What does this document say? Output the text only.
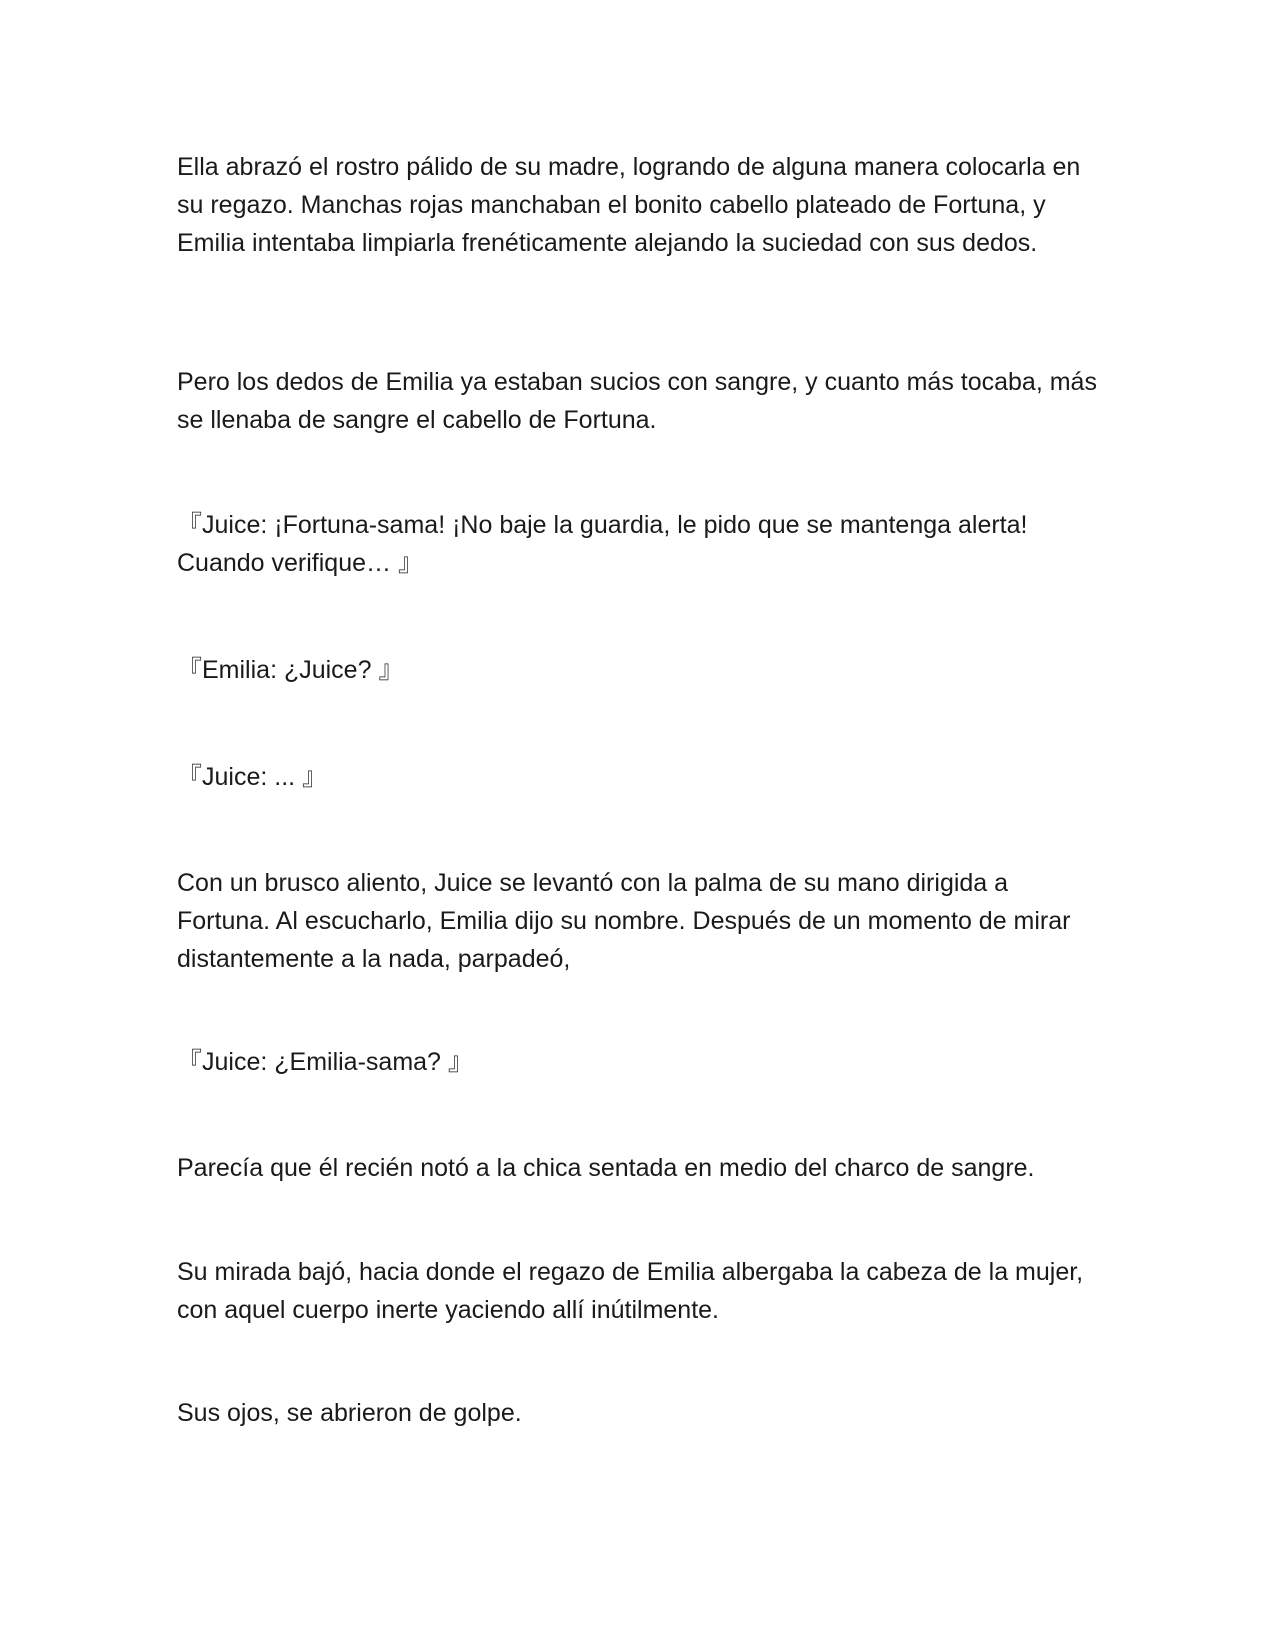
Ella abrazó el rostro pálido de su madre, logrando de alguna manera colocarla en su regazo. Manchas rojas manchaban el bonito cabello plateado de Fortuna, y Emilia intentaba limpiarla frenéticamente alejando la suciedad con sus dedos.

Pero los dedos de Emilia ya estaban sucios con sangre, y cuanto más tocaba, más se llenaba de sangre el cabello de Fortuna.

『Juice: ¡Fortuna-sama! ¡No baje la guardia, le pido que se mantenga alerta! Cuando verifique… 』

『Emilia: ¿Juice? 』

『Juice: ... 』

Con un brusco aliento, Juice se levantó con la palma de su mano dirigida a Fortuna. Al escucharlo, Emilia dijo su nombre. Después de un momento de mirar distantemente a la nada, parpadeó,

『Juice: ¿Emilia-sama? 』

Parecía que él recién notó a la chica sentada en medio del charco de sangre.

Su mirada bajó, hacia donde el regazo de Emilia albergaba la cabeza de la mujer, con aquel cuerpo inerte yaciendo allí inútilmente.

Sus ojos, se abrieron de golpe.
